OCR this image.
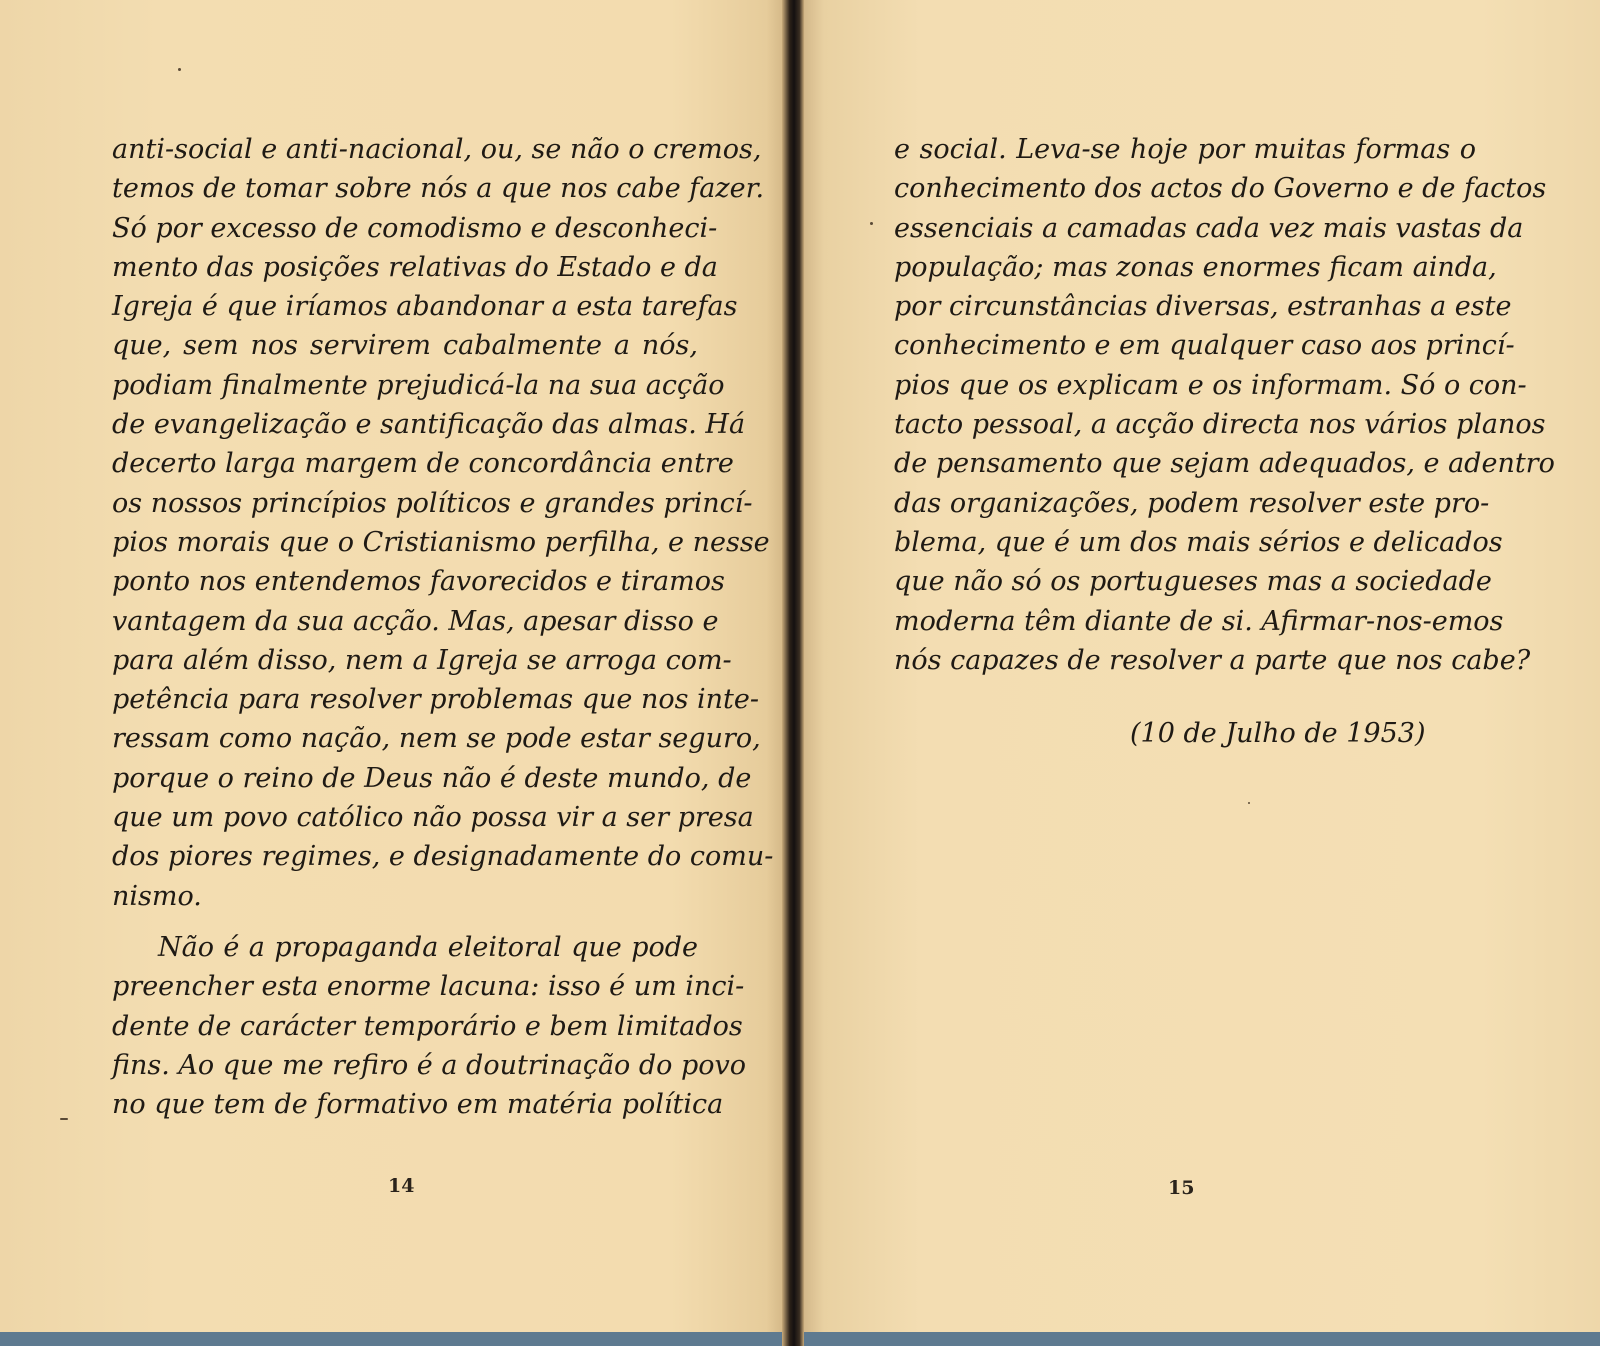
anti-social e anti-nacional, ou, se não o cremos,
temos de tomar sobre nós a que nos cabe fazer.
Só por excesso de comodismo e desconheci-
mento das posições relativas do Estado e da
Igreja é que iríamos abandonar a esta tarefas
que, sem nos servirem cabalmente a nós,
podiam finalmente prejudicá-la na sua acção
de evangelização e santificação das almas. Há
decerto larga margem de concordância entre
os nossos princípios políticos e grandes princí-
pios morais que o Cristianismo perfilha, e nesse
ponto nos entendemos favorecidos e tiramos
vantagem da sua acção. Mas, apesar disso e
para além disso, nem a Igreja se arroga com-
petência para resolver problemas que nos inte-
ressam como nação, nem se pode estar seguro,
porque o reino de Deus não é deste mundo, de
que um povo católico não possa vir a ser presa
dos piores regimes, e designadamente do comu-
nismo.
Não é a propaganda eleitoral que pode
preencher esta enorme lacuna: isso é um inci-
dente de carácter temporário e bem limitados
fins. Ao que me refiro é a doutrinação do povo
no que tem de formativo em matéria política
14
e social. Leva-se hoje por muitas formas o
conhecimento dos actos do Governo e de factos
essenciais a camadas cada vez mais vastas da
população; mas zonas enormes ficam ainda,
por circunstâncias diversas, estranhas a este
conhecimento e em qualquer caso aos princí-
pios que os explicam e os informam. Só o con-
tacto pessoal, a acção directa nos vários planos
de pensamento que sejam adequados, e adentro
das organizações, podem resolver este pro-
blema, que é um dos mais sérios e delicados
que não só os portugueses mas a sociedade
moderna têm diante de si. Afirmar-nos-emos
nós capazes de resolver a parte que nos cabe?
(10 de Julho de 1953)
15
